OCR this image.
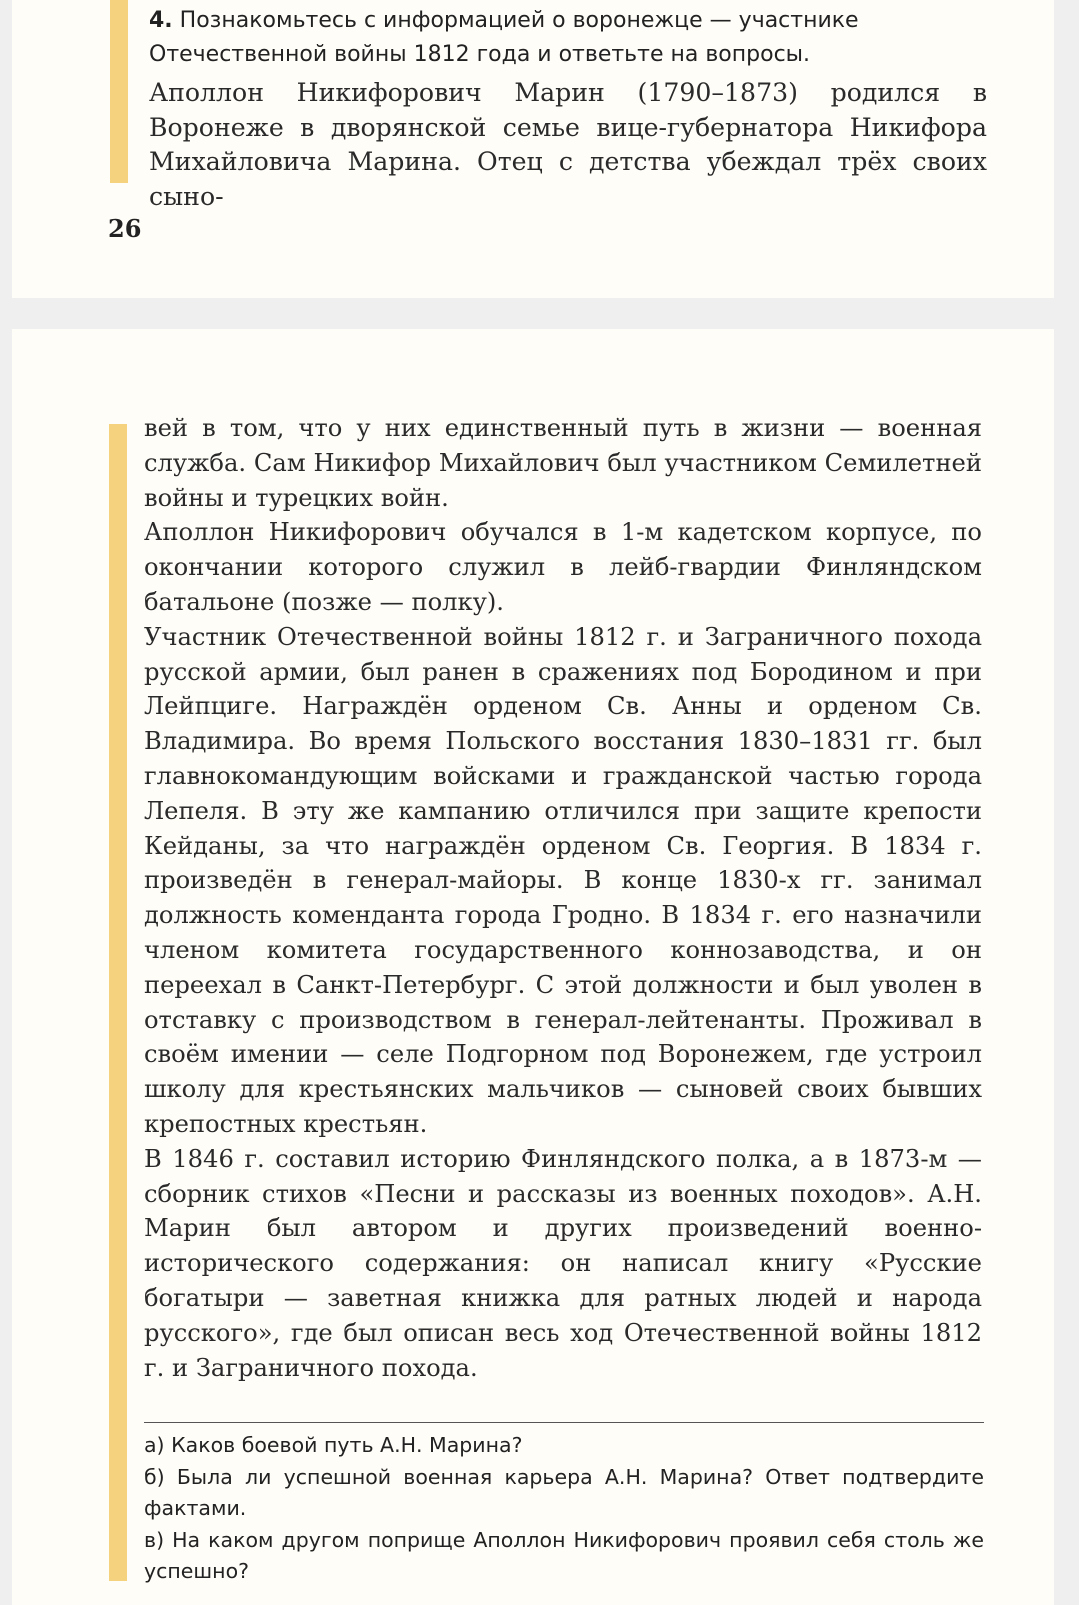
4. Познакомьтесь с информацией о воронежце — участнике Отечественной войны 1812 года и ответьте на вопросы.
Аполлон Никифорович Марин (1790–1873) родился в Воронеже в дворянской семье вице-губернатора Никифора Михайловича Марина. Отец с детства убеждал трёх своих сыно-
26

вей в том, что у них единственный путь в жизни — военная служба. Сам Никифор Михайлович был участником Семилетней войны и турецких войн.

Аполлон Никифорович обучался в 1-м кадетском корпусе, по окончании которого служил в лейб-гвардии Финляндском батальоне (позже — полку).

Участник Отечественной войны 1812 г. и Заграничного похода русской армии, был ранен в сражениях под Бородином и при Лейпциге. Награждён орденом Св. Анны и орденом Св. Владимира. Во время Польского восстания 1830–1831 гг. был главнокомандующим войсками и гражданской частью города Лепеля. В эту же кампанию отличился при защите крепости Кейданы, за что награждён орденом Св. Георгия. В 1834 г. произведён в генерал-майоры. В конце 1830-х гг. занимал должность коменданта города Гродно. В 1834 г. его назначили членом комитета государственного коннозаводства, и он переехал в Санкт-Петербург. С этой должности и был уволен в отставку с производством в генерал-лейтенанты. Проживал в своём имении — селе Подгорном под Воронежем, где устроил школу для крестьянских мальчиков — сыновей своих бывших крепостных крестьян.

В 1846 г. составил историю Финляндского полка, а в 1873-м — сборник стихов «Песни и рассказы из военных походов». А.Н. Марин был автором и других произведений военно-исторического содержания: он написал книгу «Русские богатыри — заветная книжка для ратных людей и народа русского», где был описан весь ход Отечественной войны 1812 г. и Заграничного похода.

а) Каков боевой путь А.Н. Марина?

б) Была ли успешной военная карьера А.Н. Марина? Ответ подтвердите фактами.

в) На каком другом поприще Аполлон Никифорович проявил себя столь же успешно?
